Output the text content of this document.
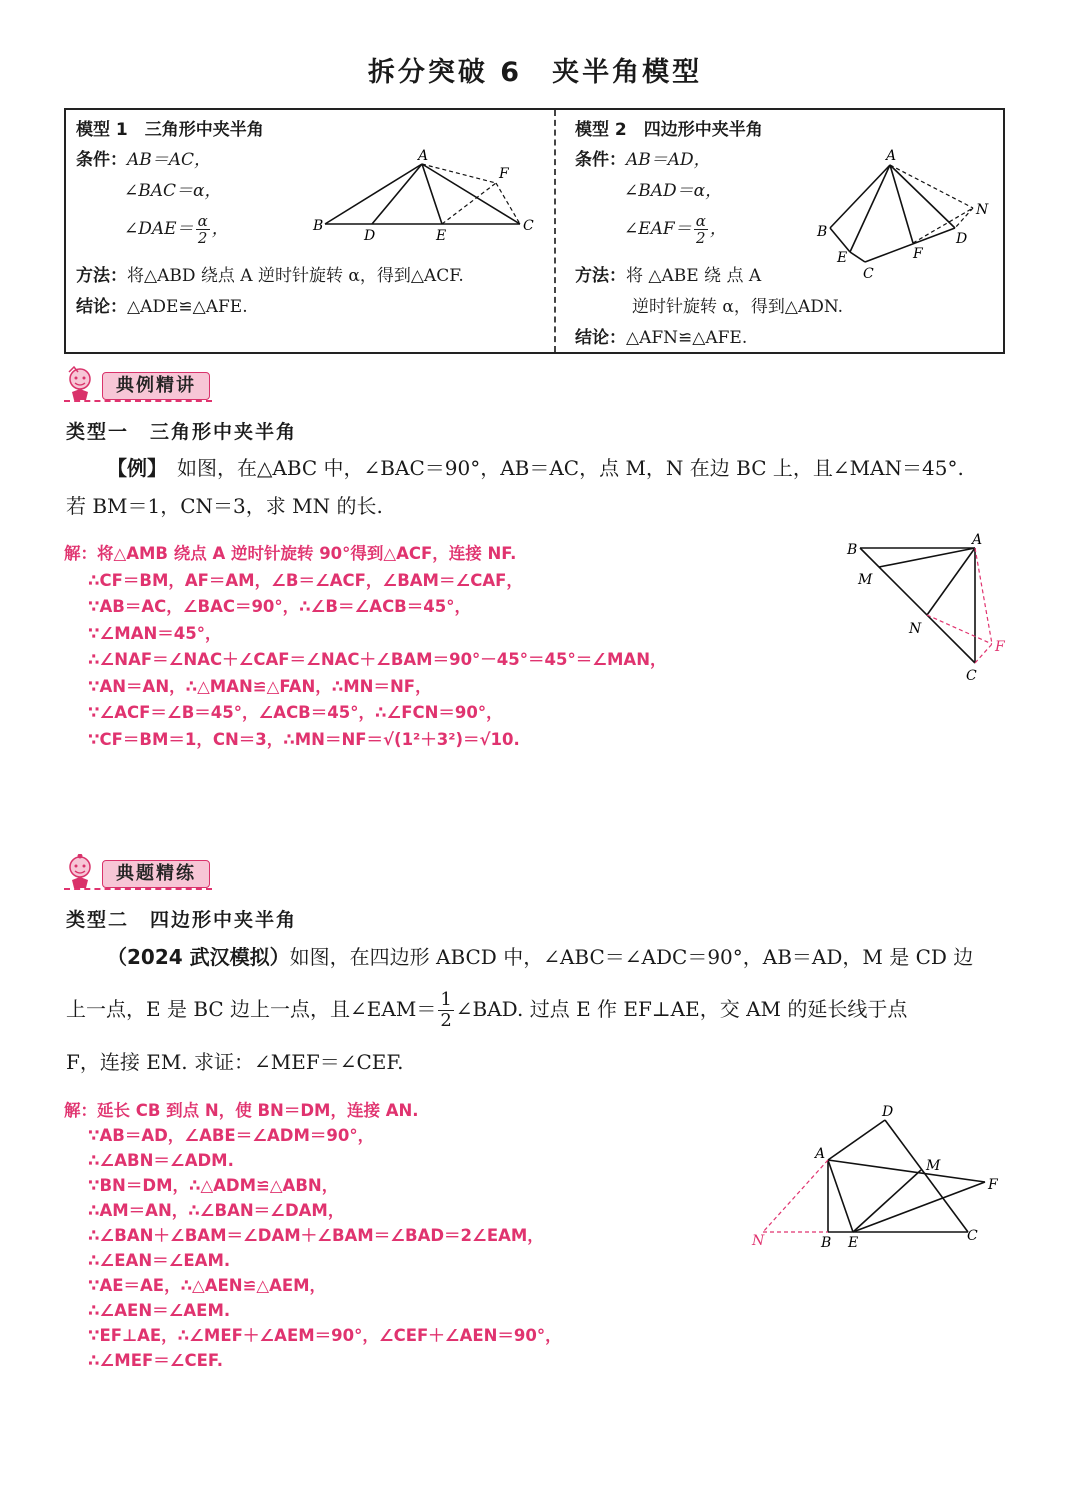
拆分突破 6　夹半角模型
模型 1　三角形中夹半角
条件：AB＝AC，
∠BAC＝α，
∠DAE＝ $\frac{\alpha}{2}$ ，
方法：将△ABD 绕点 A 逆时针旋转 α，得到△ACF.
结论：△ADE≌△AFE.
A
B	C
D	E
F
模型 2　四边形中夹半角
条件：AB＝AD，
∠BAD＝α，
∠EAF＝ $\frac{\alpha}{2}$ ，
方法：将 △ABE 绕 点 A
逆时针旋转 α，得到△ADN.
结论：△AFN≌△AFE.
A
B
C
D
E	F
N
典例精讲
类型一　三角形中夹半角
【例】　 如图，在△ABC 中，∠BAC＝90°，AB＝AC，点 M，N 在边 BC 上，且∠MAN＝45°.
若 BM＝1，CN＝3，求 MN 的长.
解：将△AMB 绕点 A 逆时针旋转 90°得到△ACF，连接 NF.
∴CF＝BM，AF＝AM，∠B＝∠ACF，∠BAM＝∠CAF，
∵AB＝AC，∠BAC＝90°，∴∠B＝∠ACB＝45°，
∵∠MAN＝45°，
∴∠NAF＝∠NAC＋∠CAF＝∠NAC＋∠BAM＝90°－45°＝45°＝∠MAN，
∵AN＝AN，∴△MAN≌△FAN，∴MN＝NF，
∵∠ACF＝∠B＝45°，∠ACB＝45°，∴∠FCN＝90°，
∵CF＝BM＝1，CN＝3，∴MN＝NF＝√(1²＋3²)＝√10.
A
B
C
M
N
F
典题精练
类型二　四边形中夹半角
（2024 武汉模拟）如图，在四边形 ABCD 中，∠ABC＝∠ADC＝90°，AB＝AD，M 是 CD 边
上一点，E 是 BC 边上一点，且∠EAM＝ $\frac{1}{2}$ ∠BAD. 过点 E 作 EF⊥AE，交 AM 的延长线于点
F，连接 EM. 求证：∠MEF＝∠CEF.
解：延长 CB 到点 N，使 BN＝DM，连接 AN.
∵AB＝AD，∠ABE＝∠ADM＝90°，
∴∠ABN＝∠ADM.
∵BN＝DM，∴△ADM≌△ABN，
∴AM＝AN，∴∠BAN＝∠DAM，
∴∠BAN＋∠BAM＝∠DAM＋∠BAM＝∠BAD＝2∠EAM，
∴∠EAN＝∠EAM.
∵AE＝AE，∴△AEN≌△AEM，
∴∠AEN＝∠AEM.
∵EF⊥AE，∴∠MEF＋∠AEM＝90°，∠CEF＋∠AEN＝90°，
∴∠MEF＝∠CEF.
A
B	C
D
E
F
M
N
